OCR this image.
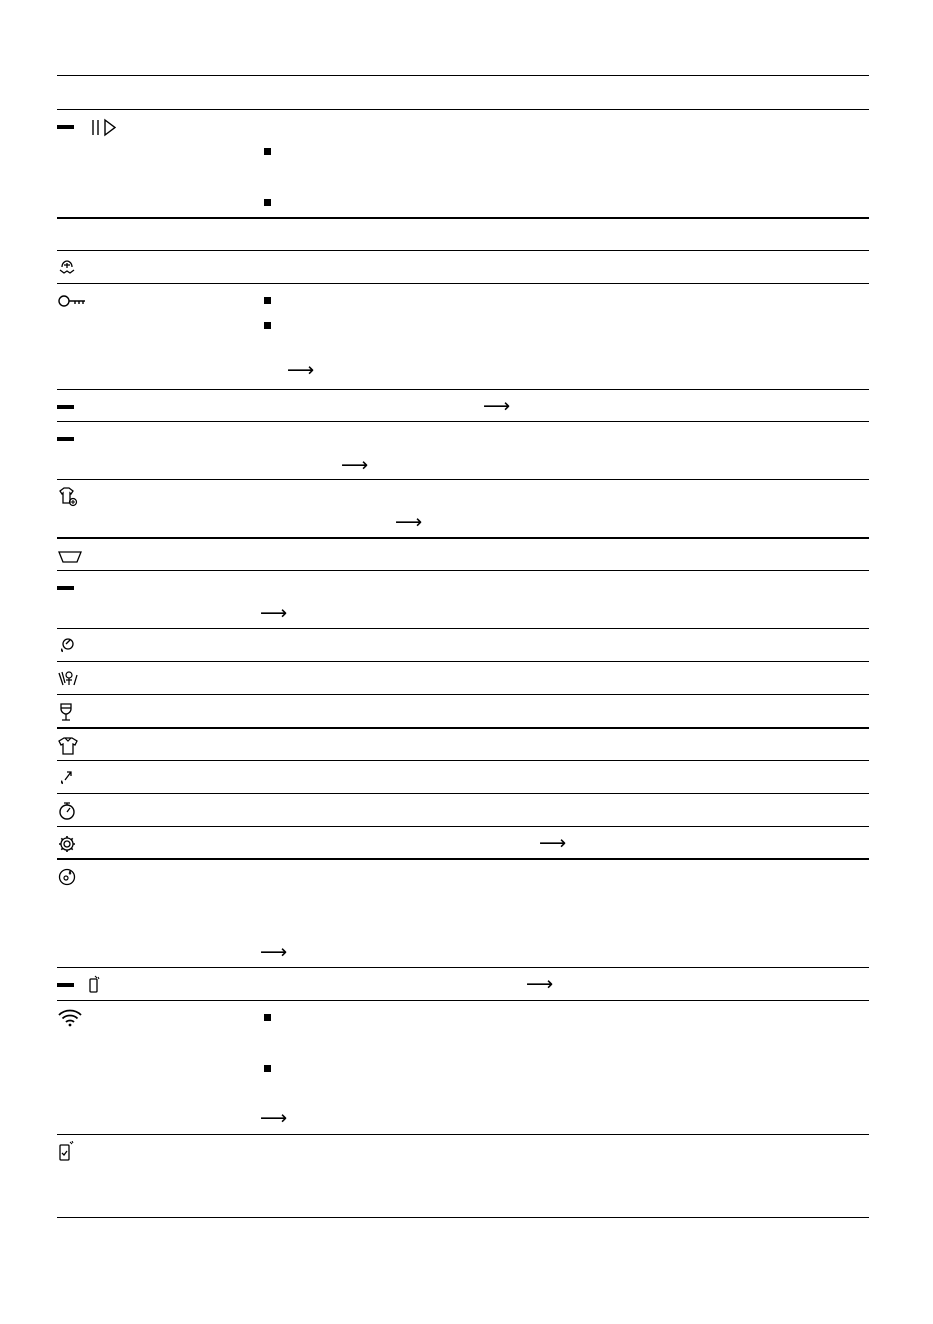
⟶
⟶
⟶
⟶
⟶
⟶
⟶
⟶
⟶
